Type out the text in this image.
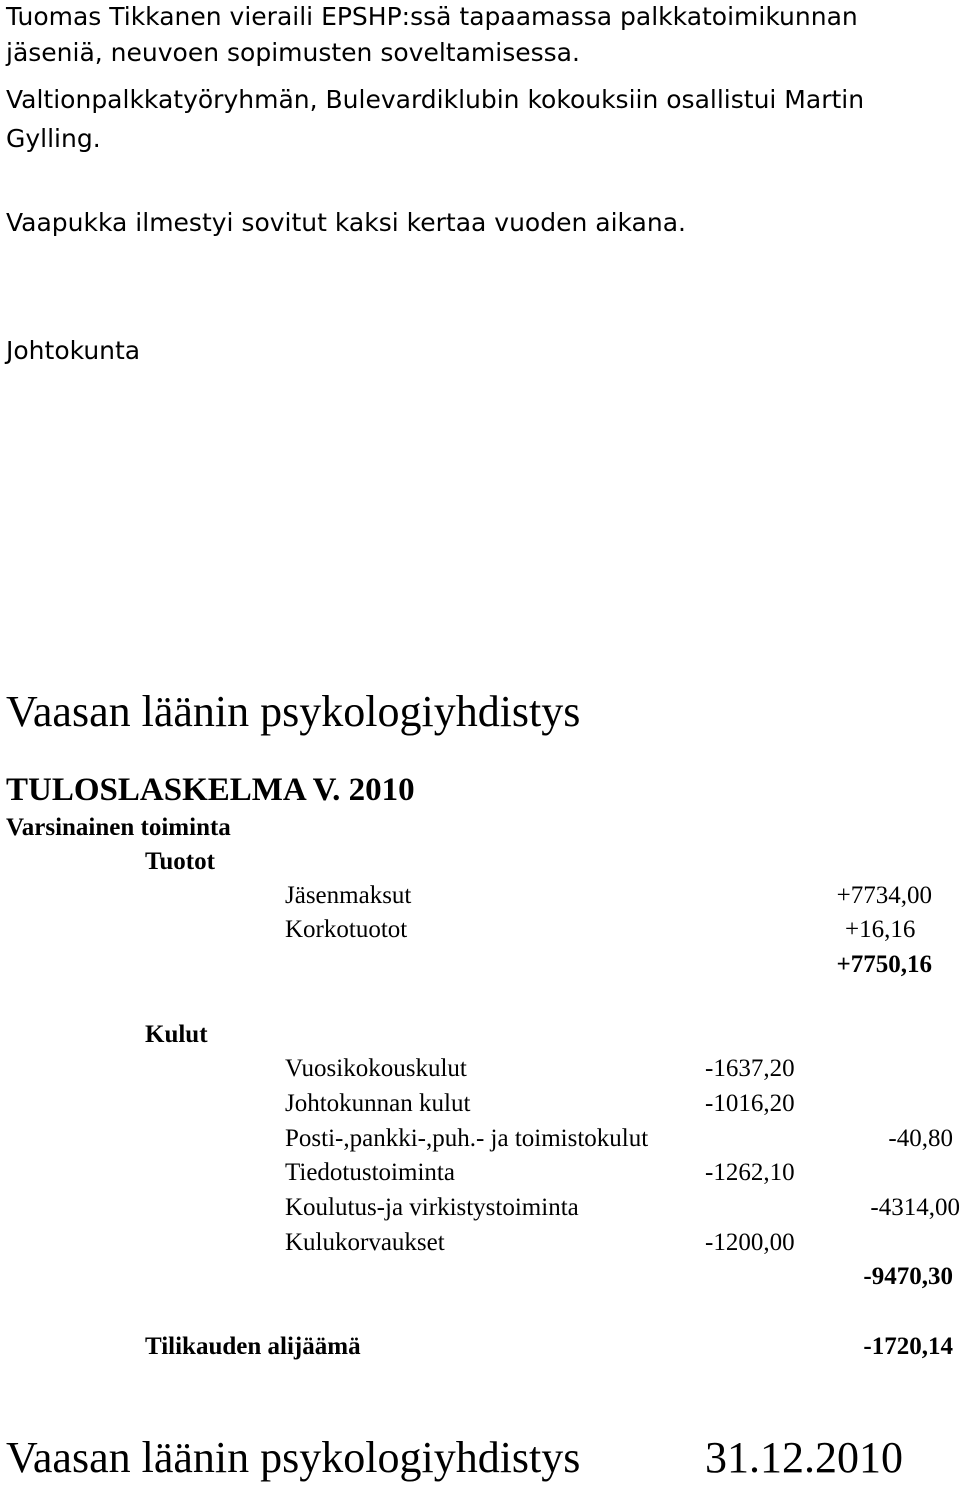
Tuomas Tikkanen vieraili EPSHP:ssä tapaamassa palkkatoimikunnan
jäseniä, neuvoen sopimusten soveltamisessa.
Valtionpalkkatyöryhmän, Bulevardiklubin kokouksiin osallistui Martin
Gylling.
Vaapukka ilmestyi sovitut kaksi kertaa vuoden aikana.
Johtokunta
Vaasan läänin psykologiyhdistys
TULOSLASKELMA V. 2010
Varsinainen toiminta
Tuotot
Jäsenmaksut	+7734,00
Korkotuotot	+16,16
+7750,16
Kulut
Vuosikokouskulut	-1637,20
Johtokunnan kulut	-1016,20
Posti-,pankki-,puh.- ja toimistokulut	-40,80
Tiedotustoiminta	-1262,10
Koulutus-ja virkistystoiminta	-4314,00
Kulukorvaukset	-1200,00
-9470,30
Tilikauden alijäämä	-1720,14
Vaasan läänin psykologiyhdistys	31.12.2010
